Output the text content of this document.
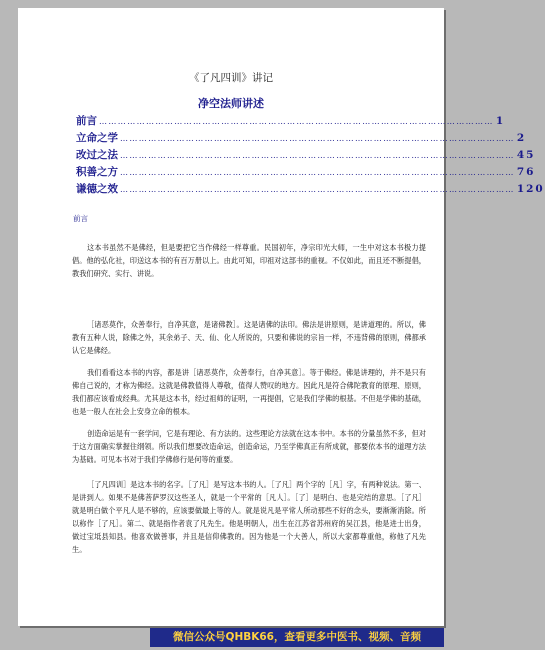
《了凡四训》讲记
净空法师讲述
前言 ……………………………………………………………………………………………………………… 1
立命之学 ……………………………………………………………………………………………………………… 2
改过之法 ……………………………………………………………………………………………………………… 45
积善之方 ……………………………………………………………………………………………………………… 76
谦德之效 ……………………………………………………………………………………………………………… 120
前言

这本书虽然不是佛经，但是要把它当作佛经一样尊重。民国初年，净宗印光大师，一生中对这本书极力提倡。他的弘化社，印送这本书的有百万册以上。由此可知，印祖对这部书的重视。不仅如此，而且还不断提倡，教我们研究、实行、讲说。

［诸恶莫作，众善奉行，自净其意，是诸佛教］。这是诸佛的法印。佛法是讲原则，是讲道理的。所以，佛教有五种人说，除佛之外，其余弟子、天、仙、化人所说的，只要和佛说的宗旨一样，不违背佛的原则，佛都承认它是佛经。

我们看看这本书的内容，都是讲［诸恶莫作，众善奉行，自净其意］。等于佛经。佛是讲理的，并不是只有佛自己说的，才称为佛经。这就是佛教值得人尊敬，值得人赞叹的地方。因此凡是符合佛陀教育的原理、原则，我们都应该看成经典。尤其是这本书，经过祖师的证明，一再提倡，它是我们学佛的根基。不但是学佛的基础，也是一般人在社会上安身立命的根本。

创造命运是有一套学问，它是有理论、有方法的。这些理论方法就在这本书中。本书的分量虽然不多，但对于这方面确实掌握住纲领。所以我们想要改造命运，创造命运，乃至学佛真正有所成就，都要依本书的道理方法为基础。可见本书对于我们学佛修行是何等的重要。

［了凡四训］是这本书的名字。［了凡］是写这本书的人。［了凡］两个字的［凡］字，有两种说法。第一、是讲到人。如果不是佛菩萨罗汉这些圣人，就是一个平常的［凡人］。［了］是明白、也是完结的意思。［了凡］就是明白做个平凡人是不够的，应该要做最上等的人。就是说凡是平常人所动那些不好的念头，要渐渐消除。所以称作［了凡］。第二、就是指作者袁了凡先生。他是明朝人，出生在江苏省苏州府的吴江县，他是进士出身，做过宝坻县知县。他喜欢做善事，并且是信仰佛教的。因为他是一个大善人，所以大家都尊重他，称他了凡先生。

微信公众号QHBK66，查看更多中医书、视频、音频
